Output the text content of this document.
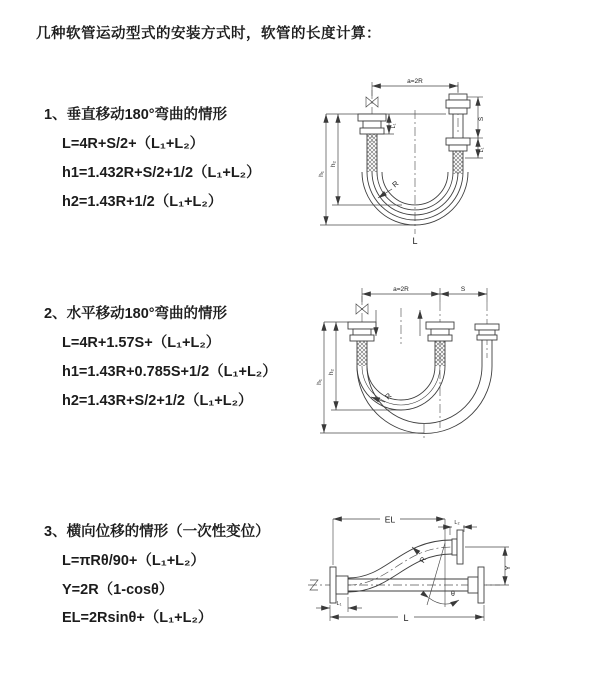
几种软管运动型式的安装方式时，软管的长度计算：
1、垂直移动180°弯曲的情形
L=4R+S/2+（L₁+L₂）
h1=1.432R+S/2+1/2（L₁+L₂）
h2=1.43R+1/2（L₁+L₂）
a=2R
h₁
h₂
L₁
S
L₁
R
L
2、水平移动180°弯曲的情形
L=4R+1.57S+（L₁+L₂）
h1=1.43R+0.785S+1/2（L₁+L₂）
h2=1.43R+S/2+1/2（L₁+L₂）
a=2R	S
h₁
h₂
R
3、横向位移的情形（一次性变位）
L=πRθ/90+（L₁+L₂）
Y=2R（1-cosθ）
EL=2Rsinθ+（L₁+L₂）
θ
EL	L₂
Y
R
L₁
L
